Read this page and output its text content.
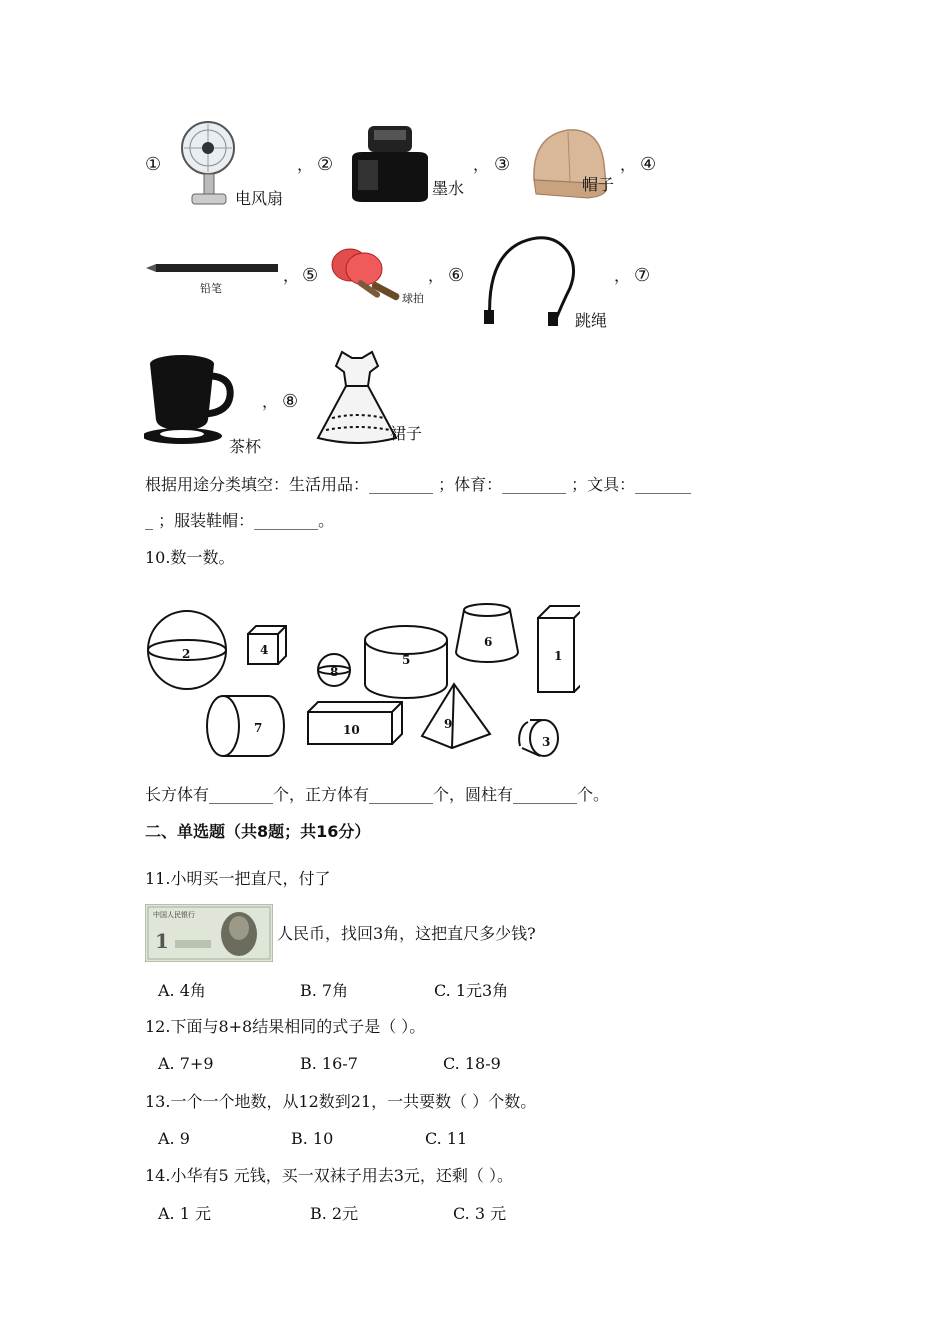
①
电风扇
， ②
墨水
， ③
帽子
， ④
铅笔
， ⑤
球拍
， ⑥
跳绳
， ⑦
茶杯
， ⑧
裙子
根据用途分类填空：生活用品：________ ；体育：________ ；文具：_______
_ ；服装鞋帽：________。
10.数一数。
2	4
8
5
6
1
7	10	9
3
长方体有________个，正方体有________个，圆柱有________个。
二、单选题（共8题；共16分）
11.小明买一把直尺，付了
中国人民银行
1	人民币，找回3角，这把直尺多少钱?
A. 4角	B. 7角	C. 1元3角
12.下面与8+8结果相同的式子是（ ）。
A. 7+9	B. 16-7	C. 18-9
13.一个一个地数，从12数到21，一共要数（ ）个数。
A. 9	B. 10	C. 11
14.小华有5 元钱，买一双袜子用去3元，还剩（ ）。
A. 1 元	B. 2元	C. 3 元
